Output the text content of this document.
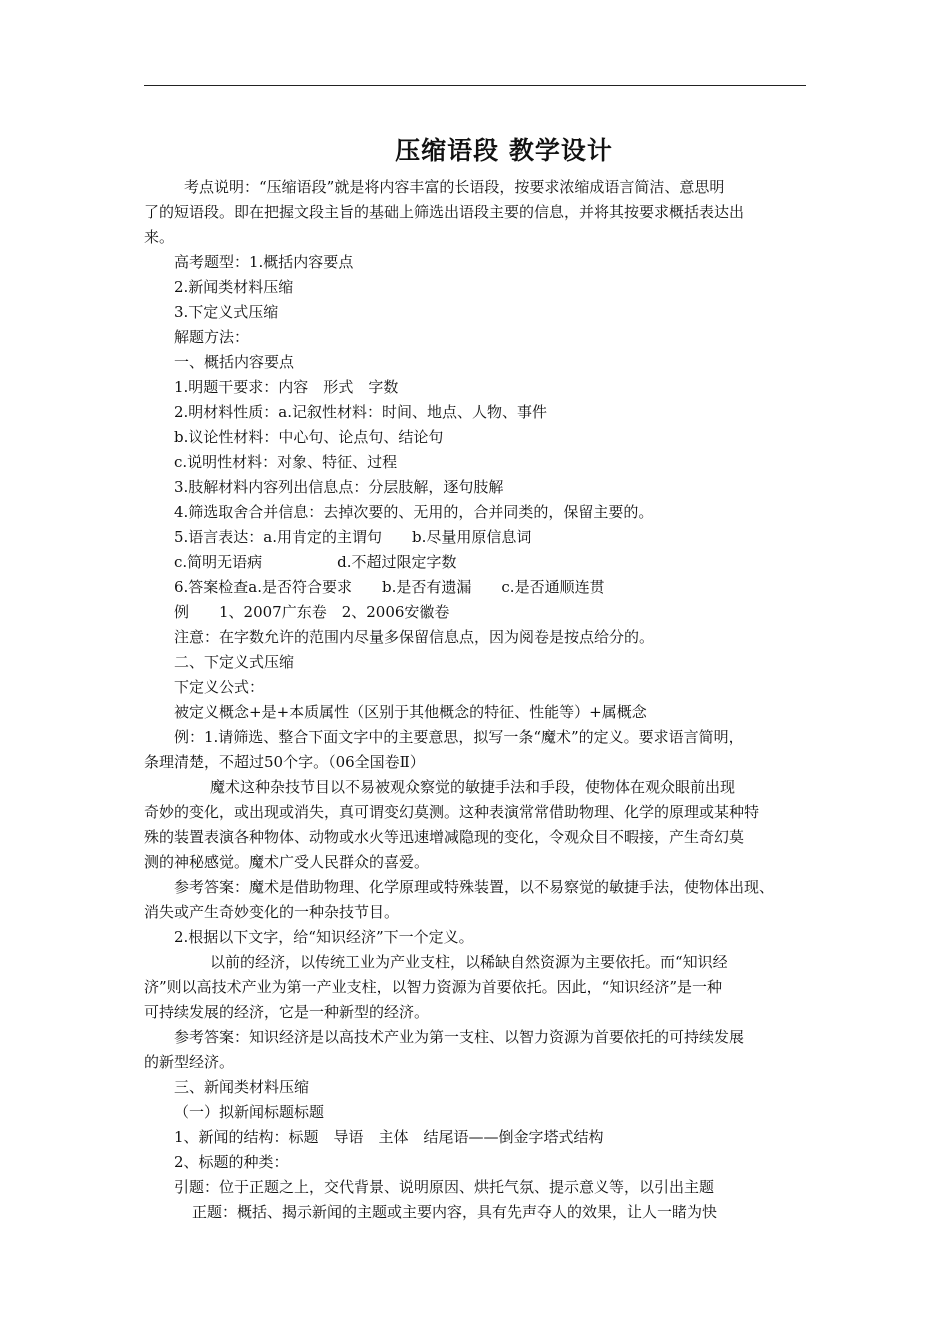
压缩语段 教学设计
考点说明：“压缩语段”就是将内容丰富的长语段，按要求浓缩成语言简洁、意思明
了的短语段。即在把握文段主旨的基础上筛选出语段主要的信息，并将其按要求概括表达出
来。
高考题型：1.概括内容要点
2.新闻类材料压缩
3.下定义式压缩
解题方法：
一、概括内容要点
1.明题干要求：内容　形式　字数
2.明材料性质：a.记叙性材料：时间、地点、人物、事件
b.议论性材料：中心句、论点句、结论句
c.说明性材料：对象、特征、过程
3.肢解材料内容列出信息点：分层肢解，逐句肢解
4.筛选取舍合并信息：去掉次要的、无用的，合并同类的，保留主要的。
5.语言表达：a.用肯定的主谓句　　b.尽量用原信息词
c.简明无语病　　　　　d.不超过限定字数
6.答案检查a.是否符合要求　　b.是否有遗漏　　c.是否通顺连贯
例　　1、2007广东卷　2、2006安徽卷
注意：在字数允许的范围内尽量多保留信息点，因为阅卷是按点给分的。
二、下定义式压缩
下定义公式：
被定义概念+是+本质属性（区别于其他概念的特征、性能等）+属概念
例：1.请筛选、整合下面文字中的主要意思，拟写一条“魔术”的定义。要求语言简明，
条理清楚，不超过50个字。（06全国卷Ⅱ）
魔术这种杂技节目以不易被观众察觉的敏捷手法和手段，使物体在观众眼前出现
奇妙的变化，或出现或消失，真可谓变幻莫测。这种表演常常借助物理、化学的原理或某种特
殊的装置表演各种物体、动物或水火等迅速增减隐现的变化，令观众目不暇接，产生奇幻莫
测的神秘感觉。魔术广受人民群众的喜爱。
参考答案：魔术是借助物理、化学原理或特殊装置，以不易察觉的敏捷手法，使物体出现、
消失或产生奇妙变化的一种杂技节目。
2.根据以下文字，给“知识经济”下一个定义。
以前的经济，以传统工业为产业支柱，以稀缺自然资源为主要依托。而“知识经
济”则以高技术产业为第一产业支柱，以智力资源为首要依托。因此，“知识经济”是一种
可持续发展的经济，它是一种新型的经济。
参考答案：知识经济是以高技术产业为第一支柱、以智力资源为首要依托的可持续发展
的新型经济。
三、新闻类材料压缩
（一）拟新闻标题标题
1、新闻的结构：标题　导语　主体　结尾语——倒金字塔式结构
2、标题的种类：
引题：位于正题之上，交代背景、说明原因、烘托气氛、提示意义等，以引出主题
正题：概括、揭示新闻的主题或主要内容，具有先声夺人的效果，让人一睹为快
